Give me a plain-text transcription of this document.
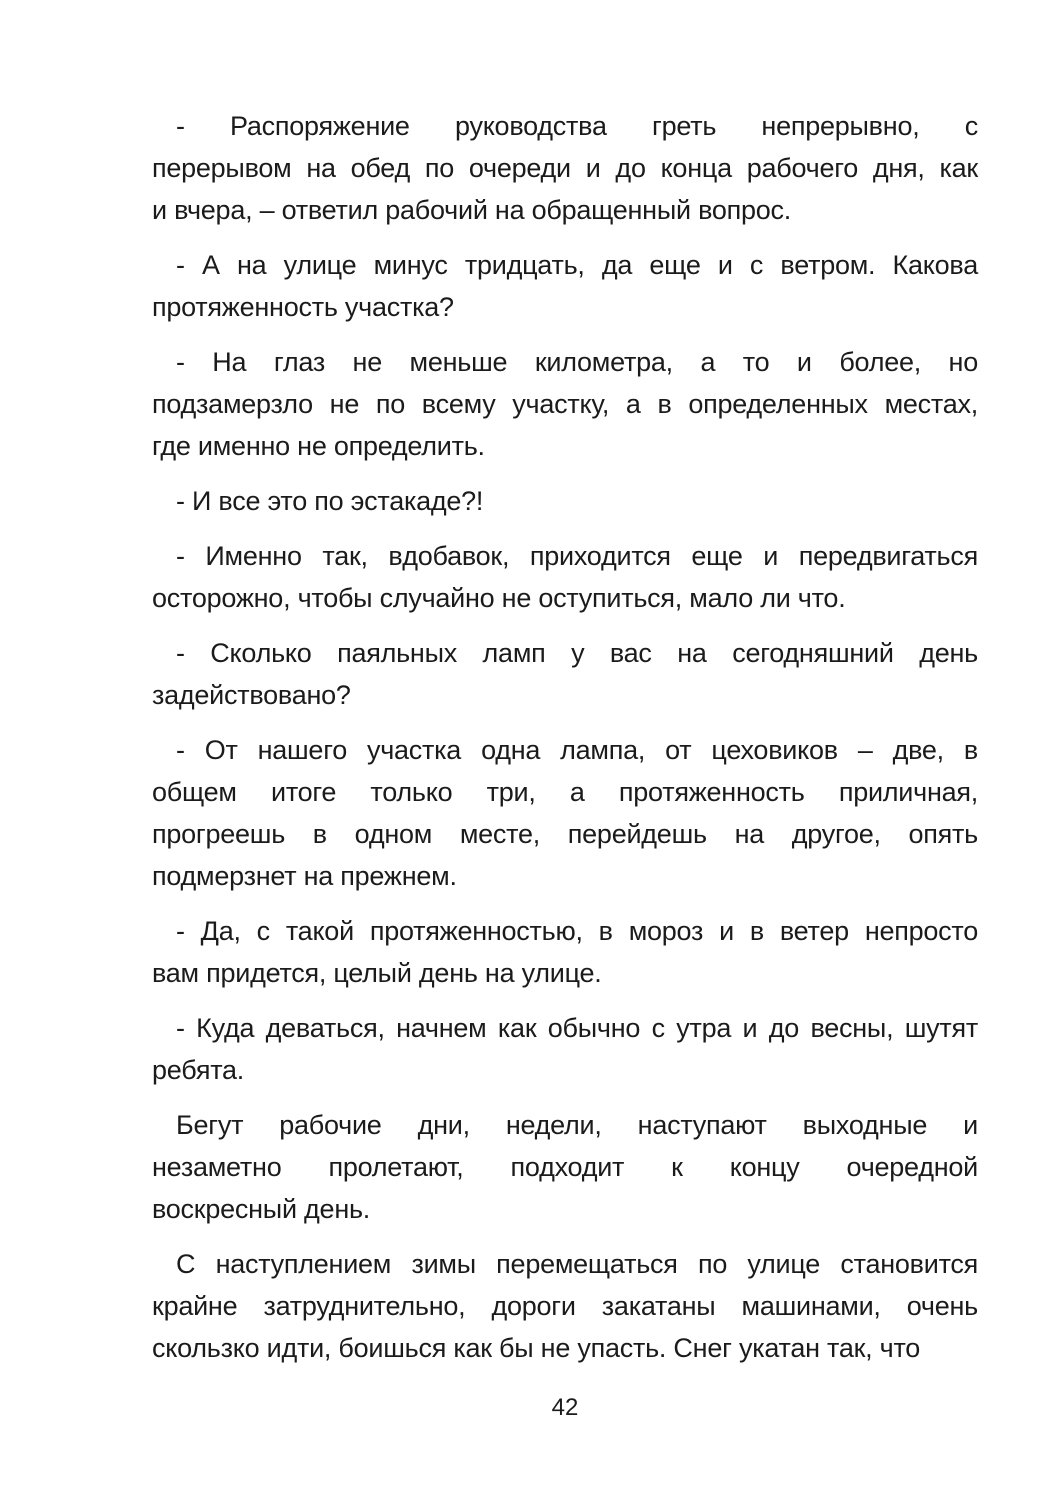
- Распоряжение руководства греть непрерывно, с
перерывом на обед по очереди и до конца рабочего дня, как
и вчера, – ответил рабочий на обращенный вопрос.

- А на улице минус тридцать, да еще и с ветром. Какова
протяженность участка?

- На глаз не меньше километра, а то и более, но
подзамерзло не по всему участку, а в определенных местах,
где именно не определить.

- И все это по эстакаде?!

- Именно так, вдобавок, приходится еще и передвигаться
осторожно, чтобы случайно не оступиться, мало ли что.

- Сколько паяльных ламп у вас на сегодняшний день
задействовано?

- От нашего участка одна лампа, от цеховиков – две, в
общем итоге только три, а протяженность приличная,
прогреешь в одном месте, перейдешь на другое, опять
подмерзнет на прежнем.

- Да, с такой протяженностью, в мороз и в ветер непросто
вам придется, целый день на улице.

- Куда деваться, начнем как обычно с утра и до весны, шутят
ребята.

Бегут рабочие дни, недели, наступают выходные и
незаметно пролетают, подходит к концу очередной
воскресный день.

С наступлением зимы перемещаться по улице становится
крайне затруднительно, дороги закатаны машинами, очень
скользко идти, боишься как бы не упасть. Снег укатан так, что

42
